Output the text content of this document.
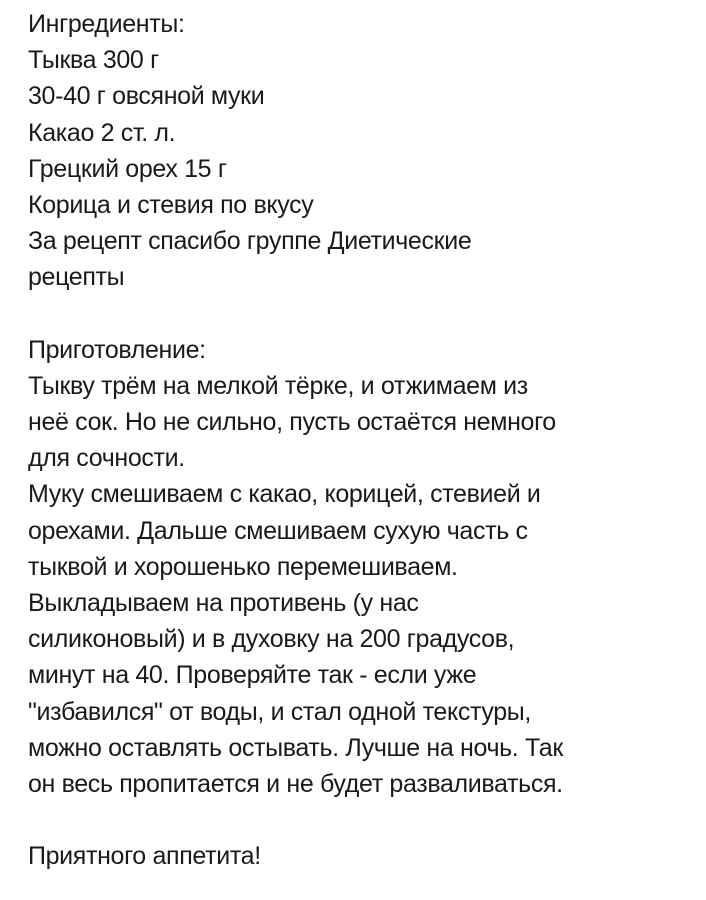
Ингредиенты:
Тыква 300 г
30-40 г овсяной муки
Какао 2 ст. л.
Грецкий орех 15 г
Корица и стевия по вкусу
За рецепт спасибо группе Диетические
рецепты
Приготовление:
Тыкву трём на мелкой тёрке, и отжимаем из
неё сок. Но не сильно, пусть остаётся немного
для сочности.
Муку смешиваем с какао, корицей, стевией и
орехами. Дальше смешиваем сухую часть с
тыквой и хорошенько перемешиваем.
Выкладываем на противень (у нас
силиконовый) и в духовку на 200 градусов,
минут на 40. Проверяйте так - если уже
"избавился" от воды, и стал одной текстуры,
можно оставлять остывать. Лучше на ночь. Так
он весь пропитается и не будет разваливаться.
Приятного аппетита!
